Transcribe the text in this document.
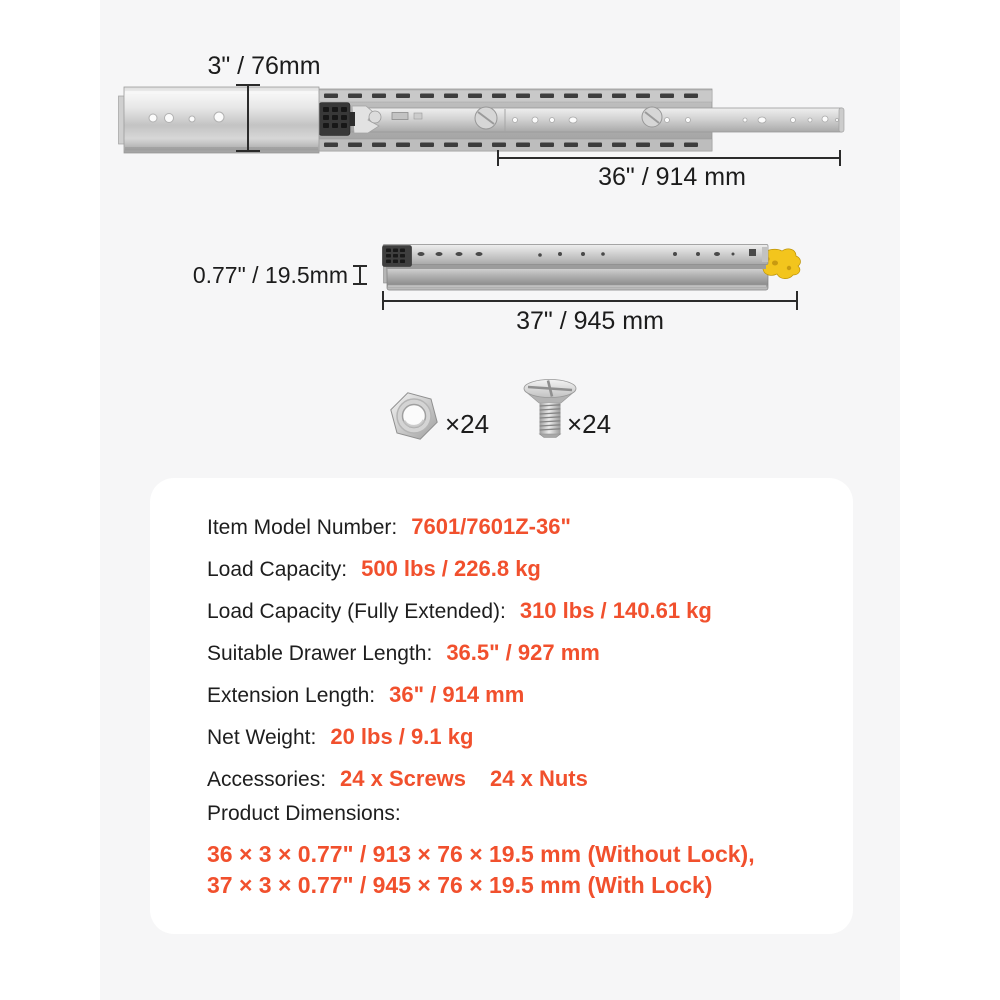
3" / 76mm
36" / 914 mm
0.77" / 19.5mm
37" / 945 mm
×24	×24
Item Model Number: 7601/7601Z-36"
Load Capacity: 500 lbs / 226.8 kg
Load Capacity (Fully Extended): 310 lbs / 140.61 kg
Suitable Drawer Length: 36.5" / 927 mm
Extension Length: 36" / 914 mm
Net Weight: 20 lbs / 9.1 kg
Accessories: 24 x Screws 24 x Nuts
Product Dimensions:
36 × 3 × 0.77" / 913 × 76 × 19.5 mm (Without Lock),
37 × 3 × 0.77" / 945 × 76 × 19.5 mm (With Lock)
